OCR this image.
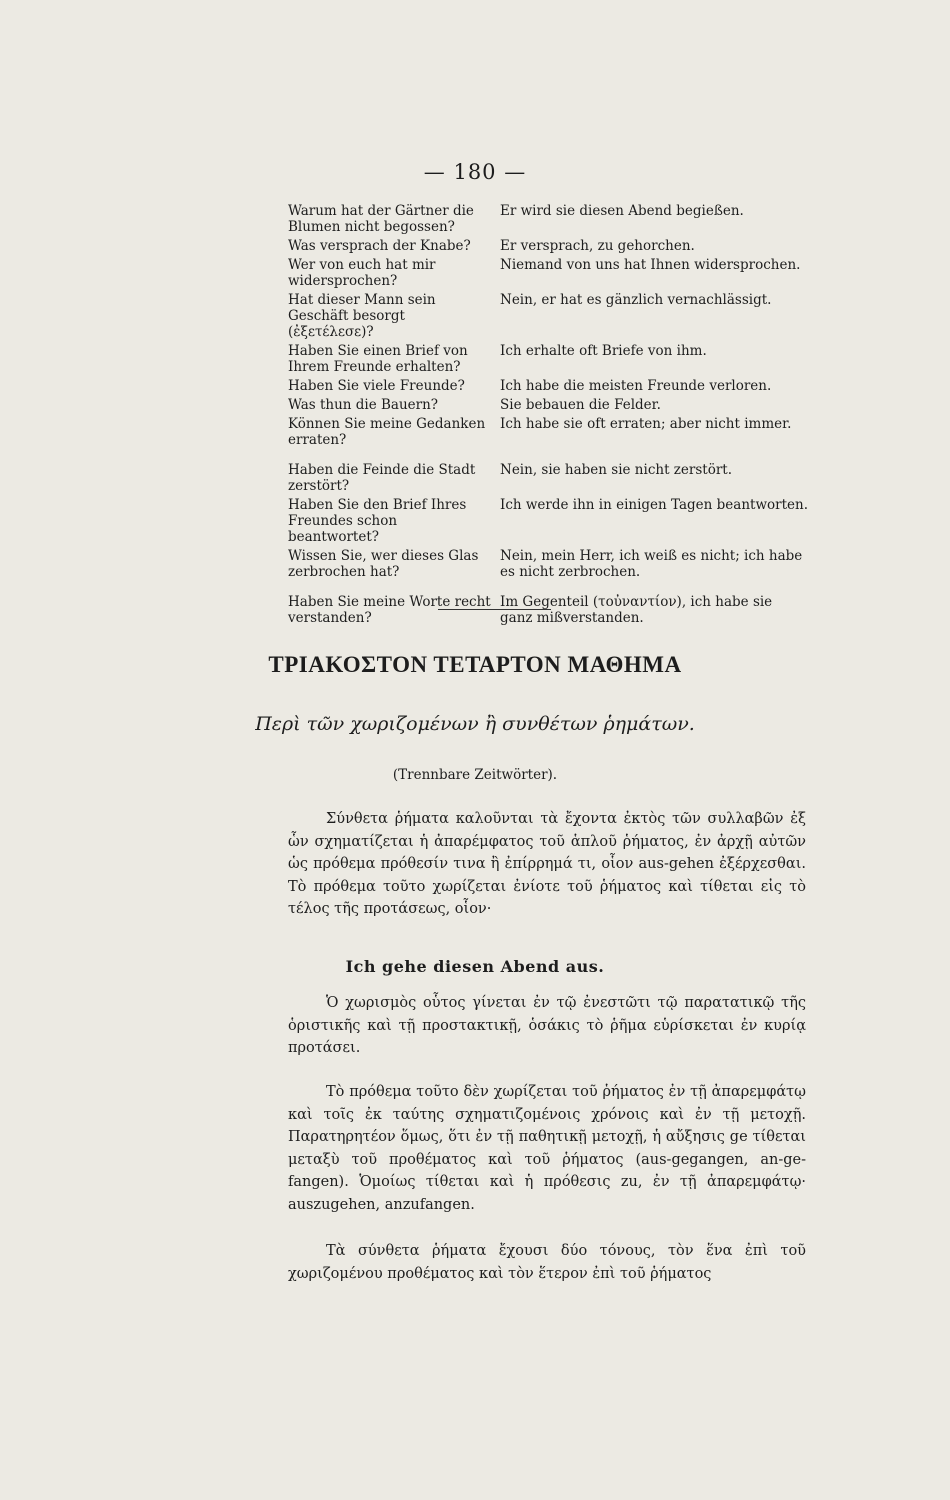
— 180 —
Warum hat der Gärtner die Blumen nicht begossen?	Er wird sie diesen Abend begießen.
Was versprach der Knabe?	Er versprach, zu gehorchen.
Wer von euch hat mir widersprochen?	Niemand von uns hat Ihnen widersprochen.
Hat dieser Mann sein Geschäft besorgt (ἐξετέλεσε)?	Nein, er hat es gänzlich vernachlässigt.
Haben Sie einen Brief von Ihrem Freunde erhalten?	Ich erhalte oft Briefe von ihm.
Haben Sie viele Freunde?	Ich habe die meisten Freunde verloren.
Was thun die Bauern?	Sie bebauen die Felder.
Können Sie meine Gedanken erraten?	Ich habe sie oft erraten; aber nicht immer.
Haben die Feinde die Stadt zerstört?	Nein, sie haben sie nicht zerstört.
Haben Sie den Brief Ihres Freundes schon beantwortet?	Ich werde ihn in einigen Tagen beantworten.
Wissen Sie, wer dieses Glas zerbrochen hat?	Nein, mein Herr, ich weiß es nicht; ich habe es nicht zerbrochen.
Haben Sie meine Worte recht verstanden?	Im Gegenteil (τοὐναντίον), ich habe sie ganz mißverstanden.
ΤΡΙΑΚΟΣΤΟΝ ΤΕΤΑΡΤΟΝ ΜΑΘΗΜΑ
Περὶ τῶν χωριζομένων ἢ συνθέτων ῥημάτων.
(Trennbare Zeitwörter).

Σύνθετα ῥήματα καλοῦνται τὰ ἔχοντα ἐκτὸς τῶν συλλαβῶν ἐξ ὧν σχηματίζεται ἡ ἀπαρέμφατος τοῦ ἁπλοῦ ῥήματος, ἐν ἀρχῇ αὐτῶν ὡς πρόθεμα πρόθεσίν τινα ἢ ἐπίρρημά τι, οἷον aus-gehen ἐξέρχεσθαι. Τὸ πρόθεμα τοῦτο χωρίζεται ἐνίοτε τοῦ ῥήματος καὶ τίθεται εἰς τὸ τέλος τῆς προτάσεως, οἷον·

Ich gehe diesen Abend aus.

Ὁ χωρισμὸς οὗτος γίνεται ἐν τῷ ἐνεστῶτι τῷ παρατατικῷ τῆς ὁριστικῆς καὶ τῇ προστακτικῇ, ὁσάκις τὸ ῥῆμα εὑρίσκεται ἐν κυρίᾳ προτάσει.

Τὸ πρόθεμα τοῦτο δὲν χωρίζεται τοῦ ῥήματος ἐν τῇ ἀπαρεμφάτῳ καὶ τοῖς ἐκ ταύτης σχηματιζομένοις χρόνοις καὶ ἐν τῇ μετοχῇ. Παρατηρητέον ὅμως, ὅτι ἐν τῇ παθητικῇ μετοχῇ, ἡ αὔξησις ge τίθεται μεταξὺ τοῦ προθέματος καὶ τοῦ ῥήματος (aus-gegangen, an-ge-fangen). Ὁμοίως τίθεται καὶ ἡ πρόθεσις zu, ἐν τῇ ἀπαρεμφάτῳ· auszugehen, anzufangen.

Τὰ σύνθετα ῥήματα ἔχουσι δύο τόνους, τὸν ἕνα ἐπὶ τοῦ χωριζομένου προθέματος καὶ τὸν ἕτερον ἐπὶ τοῦ ῥήματος
